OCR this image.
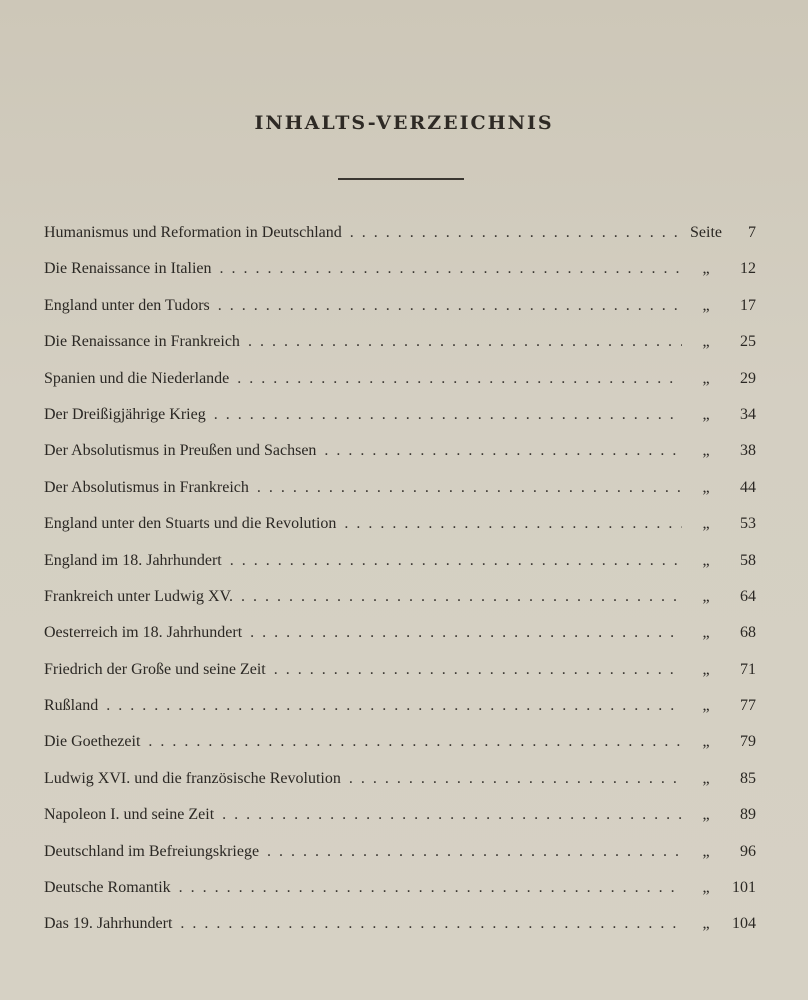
INHALTS-VERZEICHNIS
Humanismus und Reformation in Deutschland . . .	Seite	7
Die Renaissance in Italien . . .	„	12
England unter den Tudors . . .	„	17
Die Renaissance in Frankreich . . .	„	25
Spanien und die Niederlande . . .	„	29
Der Dreißigjährige Krieg . . .	„	34
Der Absolutismus in Preußen und Sachsen . . .	„	38
Der Absolutismus in Frankreich . . .	„	44
England unter den Stuarts und die Revolution . . .	„	53
England im 18. Jahrhundert . . .	„	58
Frankreich unter Ludwig XV. . . .	„	64
Oesterreich im 18. Jahrhundert . . .	„	68
Friedrich der Große und seine Zeit . . .	„	71
Rußland . . .	„	77
Die Goethezeit . . .	„	79
Ludwig XVI. und die französische Revolution . . .	„	85
Napoleon I. und seine Zeit . . .	„	89
Deutschland im Befreiungskriege . . .	„	96
Deutsche Romantik . . .	„	101
Das 19. Jahrhundert . . .	„	104
